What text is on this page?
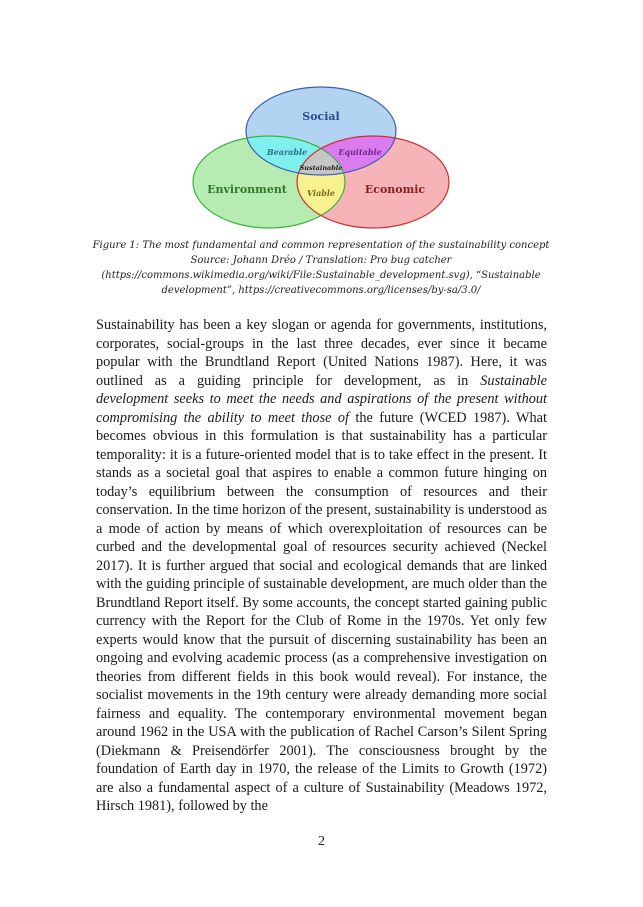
Social
Environment	Economic
Bearable	Equitable
Viable
Sustainable
Figure 1: The most fundamental and common representation of the sustainability concept
Source: Johann Dréo / Translation: Pro bug catcher
(https://commons.wikimedia.org/wiki/File:Sustainable_development.svg), “Sustainable
development”, https://creativecommons.org/licenses/by-sa/3.0/
Sustainability has been a key slogan or agenda for governments, institutions, corporates, social-groups in the last three decades, ever since it became popular with the Brundtland Report (United Nations 1987). Here, it was outlined as a guiding principle for development, as in Sustainable development seeks to meet the needs and aspirations of the present without compromising the ability to meet those of the future (WCED 1987). What becomes obvious in this formulation is that sustainability has a particular temporality: it is a future-oriented model that is to take effect in the present. It stands as a societal goal that aspires to enable a common future hinging on today’s equilibrium between the consumption of resources and their conservation. In the time horizon of the present, sustainability is understood as a mode of action by means of which overexploitation of resources can be curbed and the developmental goal of resources security achieved (Neckel 2017). It is further argued that social and ecological demands that are linked with the guiding principle of sustainable development, are much older than the Brundtland Report itself. By some accounts, the concept started gaining public currency with the Report for the Club of Rome in the 1970s. Yet only few experts would know that the pursuit of discerning sustainability has been an ongoing and evolving academic process (as a comprehensive investigation on theories from different fields in this book would reveal). For instance, the socialist movements in the 19th century were already demanding more social fairness and equality. The contemporary environmental movement began around 1962 in the USA with the publication of Rachel Carson’s Silent Spring (Diekmann & Preisendörfer 2001). The consciousness brought by the foundation of Earth day in 1970, the release of the Limits to Growth (1972) are also a fundamental aspect of a culture of Sustainability (Meadows 1972, Hirsch 1981), followed by the
2
